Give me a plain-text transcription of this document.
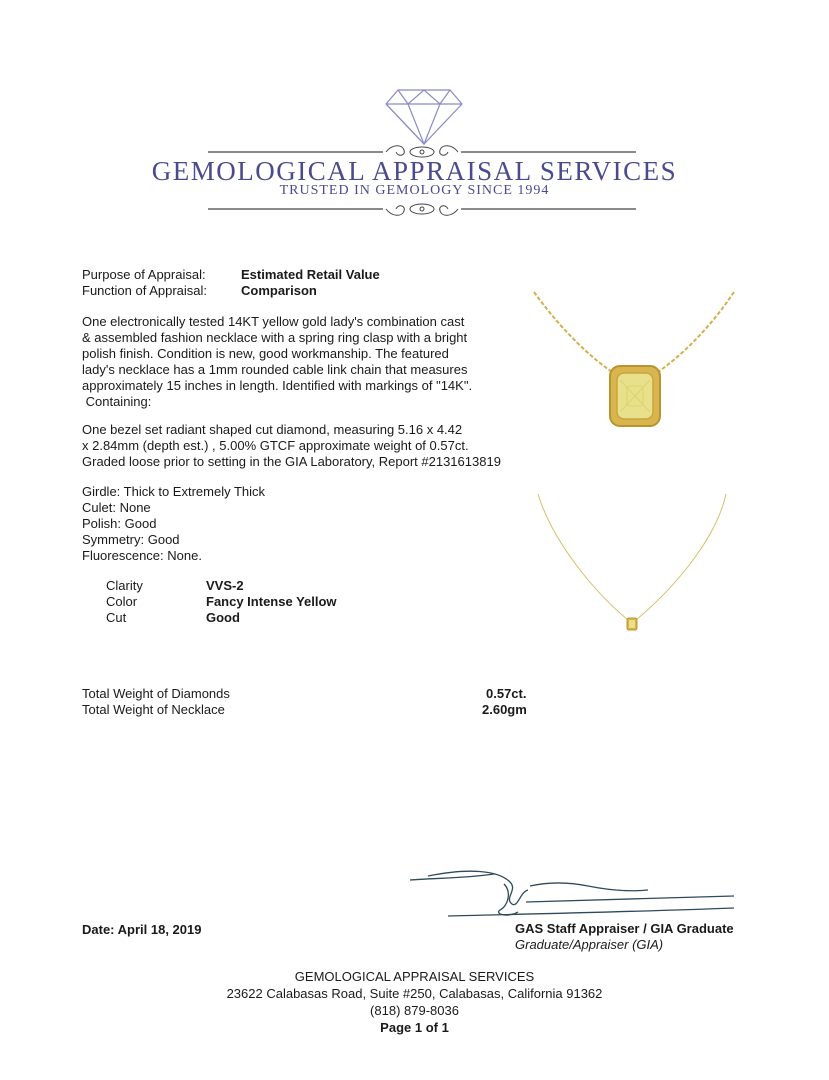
GEMOLOGICAL APPRAISAL SERVICES
TRUSTED IN GEMOLOGY SINCE 1994
Purpose of Appraisal:	Estimated Retail Value
Function of Appraisal:	Comparison
One electronically tested 14KT yellow gold lady's combination cast
& assembled fashion necklace with a spring ring clasp with a bright
polish finish. Condition is new, good workmanship. The featured
lady's necklace has a 1mm rounded cable link chain that measures
approximately 15 inches in length. Identified with markings of "14K".
Containing:
One bezel set radiant shaped cut diamond, measuring 5.16 x 4.42
x 2.84mm (depth est.) , 5.00% GTCF approximate weight of 0.57ct.
Graded loose prior to setting in the GIA Laboratory, Report #2131613819
Girdle: Thick to Extremely Thick
Culet: None
Polish: Good
Symmetry: Good
Fluorescence: None.
Clarity	VVS-2
Color	Fancy Intense Yellow
Cut	Good
Total Weight of Diamonds	0.57ct.
Total Weight of Necklace	2.60gm
Date: April 18, 2019	GAS Staff Appraiser / GIA Graduate
Graduate/Appraiser (GIA)
GEMOLOGICAL APPRAISAL SERVICES
23622 Calabasas Road, Suite #250, Calabasas, California 91362
(818) 879-8036
Page 1 of 1
